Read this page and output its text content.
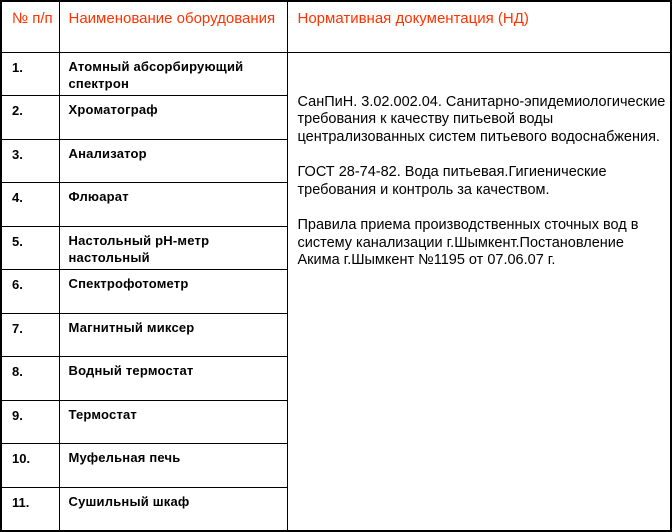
№ п/п	Наименование оборудования	Нормативная документация (НД)
1.	Атомный абсорбирующий спектрон	СанПиН. 3.02.002.04. Санитарно-эпидемиологические требования к качеству питьевой воды централизованных систем питьевого водоснабжения.
ГОСТ 28-74-82. Вода питьевая.Гигиенические требования и контроль за качеством.
Правила приема производственных сточных вод в систему канализации г.Шымкент.Постановление Акима г.Шымкент №1195 от 07.06.07 г.

2.	Хроматограф	
3.	Анализатор	
4.	Флюарат	
5.	Настольный pH-метр настольный	
6.	Спектрофотометр	
7.	Магнитный миксер	
8.	Водный термостат	
9.	Термостат	
10.	Муфельная печь	
11.	Сушильный шкаф	
